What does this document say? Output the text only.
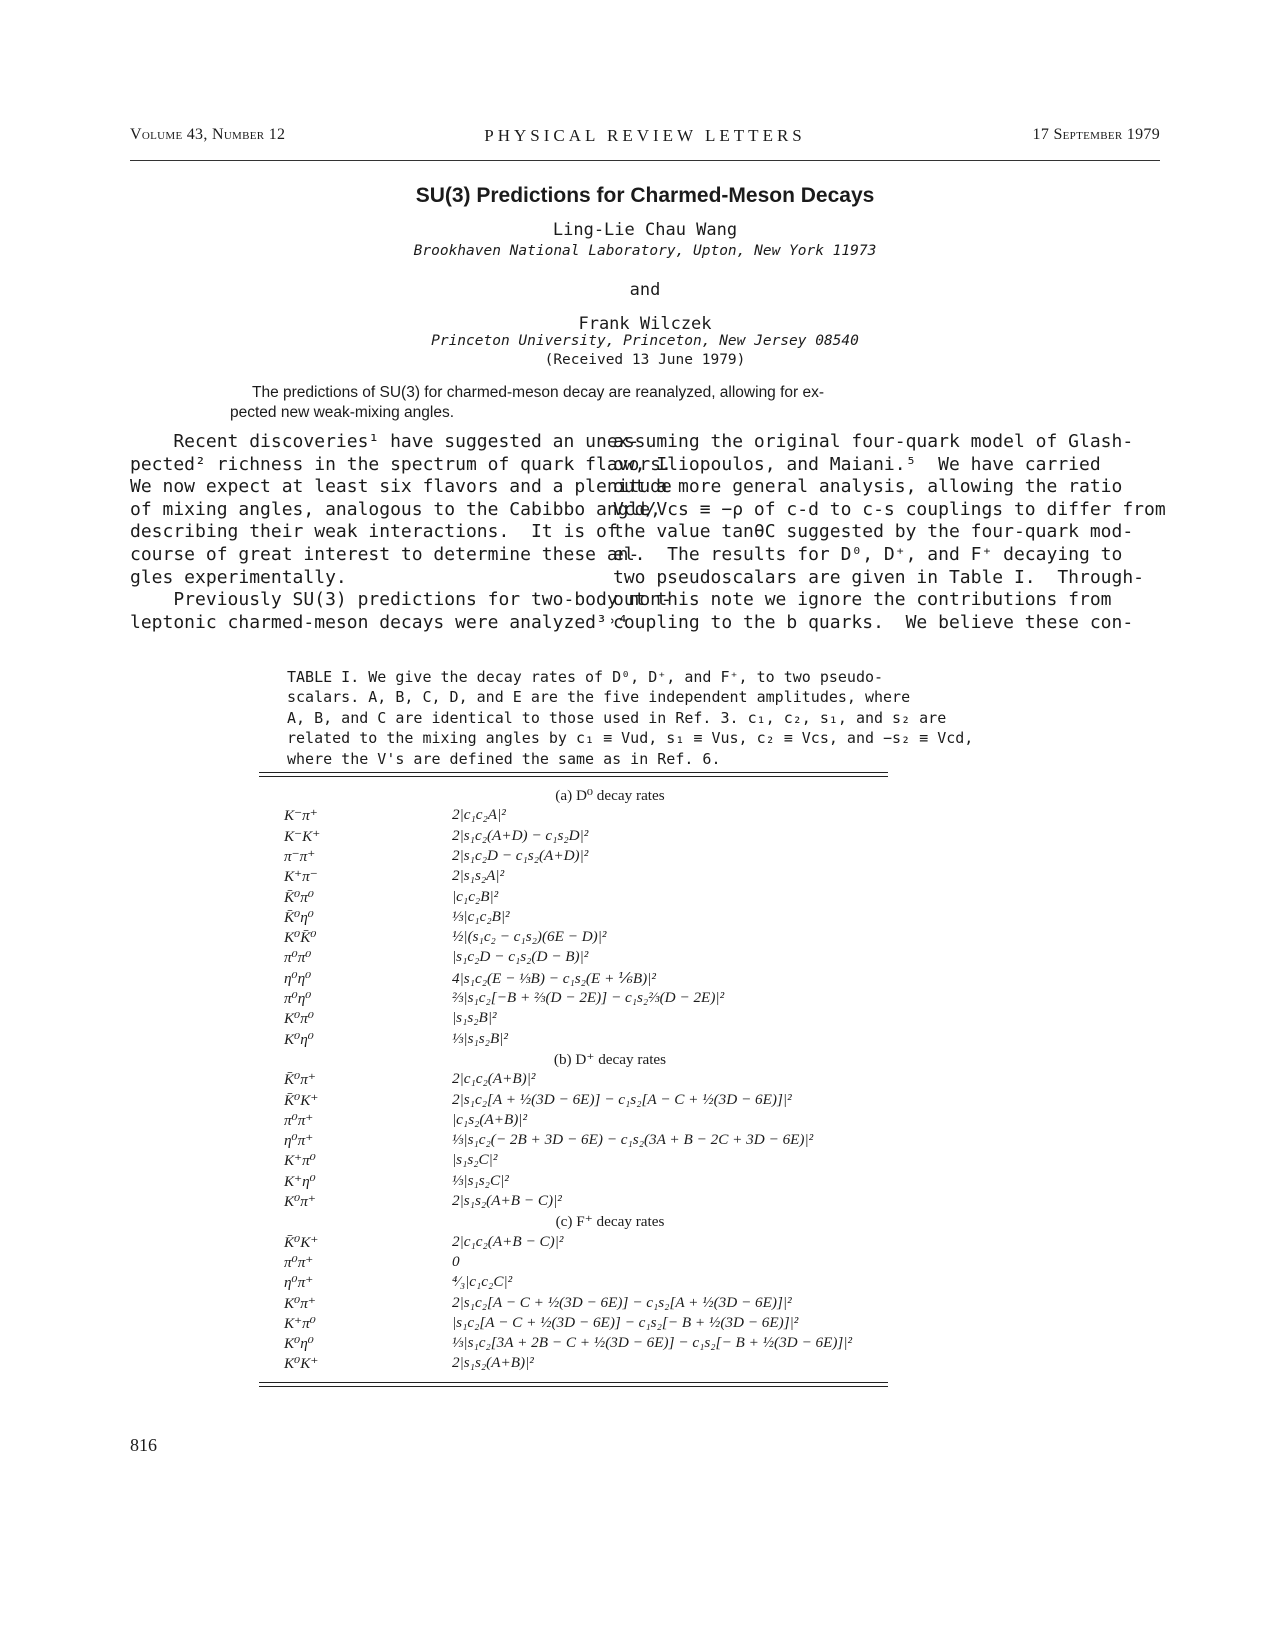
Volume 43, Number 12	PHYSICAL REVIEW LETTERS	17 September 1979
SU(3) Predictions for Charmed-Meson Decays
Ling-Lie Chau Wang
Brookhaven National Laboratory, Upton, New York 11973
and
Frank Wilczek
Princeton University, Princeton, New Jersey 08540
(Received 13 June 1979)
The predictions of SU(3) for charmed-meson decay are reanalyzed, allowing for ex-
pected new weak-mixing angles.
Recent discoveries¹ have suggested an unex-
pected² richness in the spectrum of quark flavors.
We now expect at least six flavors and a plenitude
of mixing angles, analogous to the Cabibbo angle,
describing their weak interactions.  It is of
course of great interest to determine these an-
gles experimentally.
Previously SU(3) predictions for two-body non-
leptonic charmed-meson decays were analyzed³˒⁴
assuming the original four-quark model of Glash-
ow, Iliopoulos, and Maiani.⁵  We have carried
out a more general analysis, allowing the ratio
Vcd/Vcs ≡ −ρ of c-d to c-s couplings to differ from
the value tanθC suggested by the four-quark mod-
el.  The results for D⁰, D⁺, and F⁺ decaying to
two pseudoscalars are given in Table I.  Through-
out this note we ignore the contributions from
coupling to the b quarks.  We believe these con-
TABLE I. We give the decay rates of D⁰, D⁺, and F⁺, to two pseudo-
scalars. A, B, C, D, and E are the five independent amplitudes, where
A, B, and C are identical to those used in Ref. 3. c₁, c₂, s₁, and s₂ are
related to the mixing angles by c₁ ≡ Vud, s₁ ≡ Vus, c₂ ≡ Vcs, and −s₂ ≡ Vcd,
where the V's are defined the same as in Ref. 6.
(a) D⁰ decay rates
K⁻π⁺	2|c₁c₂A|²
K⁻K⁺	2|s₁c₂(A+D) − c₁s₂D|²
π⁻π⁺	2|s₁c₂D − c₁s₂(A+D)|²
K⁺π⁻	2|s₁s₂A|²
K̄⁰π⁰	|c₁c₂B|²
K̄⁰η⁰	⅓|c₁c₂B|²
K⁰K̄⁰	½|(s₁c₂ − c₁s₂)(6E − D)|²
π⁰π⁰	|s₁c₂D − c₁s₂(D − B)|²
η⁰η⁰	4|s₁c₂(E − ⅓B) − c₁s₂(E + ⅙B)|²
π⁰η⁰	⅔|s₁c₂[−B + ⅔(D − 2E)] − c₁s₂⅔(D − 2E)|²
K⁰π⁰	|s₁s₂B|²
K⁰η⁰	⅓|s₁s₂B|²
(b) D⁺ decay rates
K̄⁰π⁺	2|c₁c₂(A+B)|²
K̄⁰K⁺	2|s₁c₂[A + ½(3D − 6E)] − c₁s₂[A − C + ½(3D − 6E)]|²
π⁰π⁺	|c₁s₂(A+B)|²
η⁰π⁺	⅓|s₁c₂(− 2B + 3D − 6E) − c₁s₂(3A + B − 2C + 3D − 6E)|²
K⁺π⁰	|s₁s₂C|²
K⁺η⁰	⅓|s₁s₂C|²
K⁰π⁺	2|s₁s₂(A+B − C)|²
(c) F⁺ decay rates
K̄⁰K⁺	2|c₁c₂(A+B − C)|²
π⁰π⁺	0
η⁰π⁺	⁴⁄₃|c₁c₂C|²
K⁰π⁺	2|s₁c₂[A − C + ½(3D − 6E)] − c₁s₂[A + ½(3D − 6E)]|²
K⁺π⁰	|s₁c₂[A − C + ½(3D − 6E)] − c₁s₂[− B + ½(3D − 6E)]|²
K⁰η⁰	⅓|s₁c₂[3A + 2B − C + ½(3D − 6E)] − c₁s₂[− B + ½(3D − 6E)]|²
K⁰K⁺	2|s₁s₂(A+B)|²
816
